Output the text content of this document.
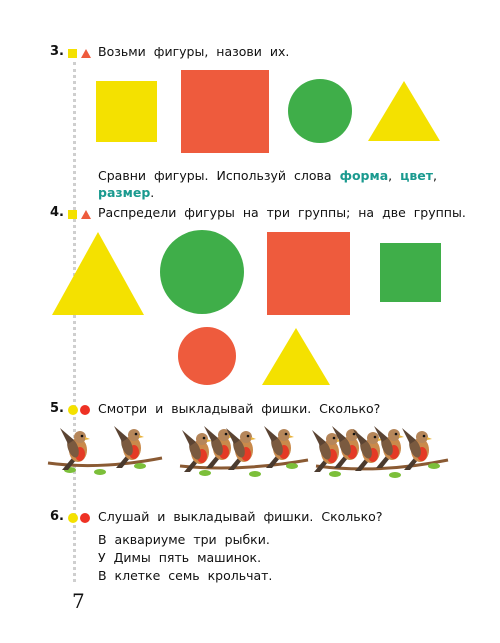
3.	Возьми фигуры, назови их.
Сравни фигуры. Используй слова форма, цвет,
размер.
4.	Распредели фигуры на три группы; на две группы.
5.	Смотри и выкладывай фишки. Сколько?
6.	Слушай и выкладывай фишки. Сколько?
В аквариуме три рыбки.
У Димы пять машинок.
В клетке семь крольчат.
7
